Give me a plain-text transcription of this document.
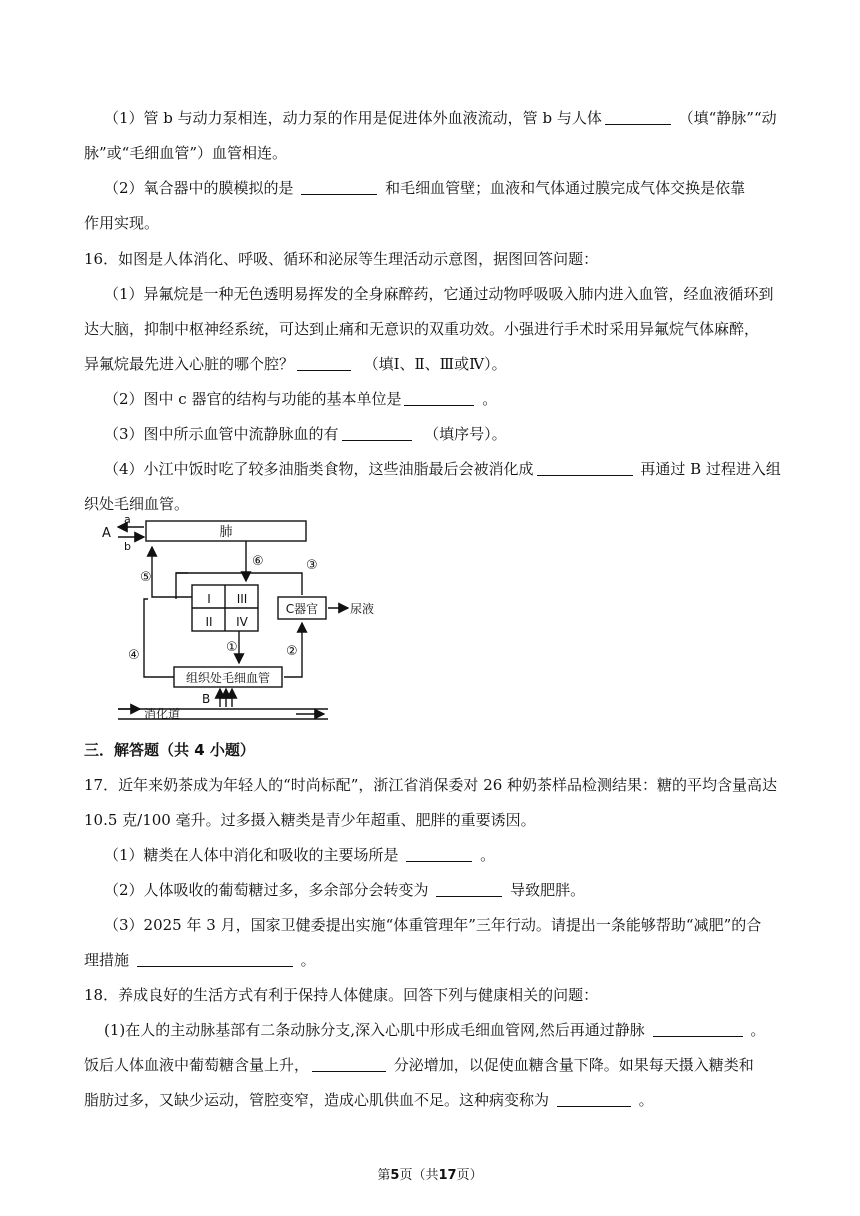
（1）管 b 与动力泵相连，动力泵的作用是促进体外血液流动，管 b 与人体	（填“静脉”“动
脉”或“毛细血管”）血管相连。
（2）氧合器中的膜模拟的是	和毛细血管壁；血液和气体通过膜完成气体交换是依靠
作用实现。
16．如图是人体消化、呼吸、循环和泌尿等生理活动示意图，据图回答问题：
（1）异氟烷是一种无色透明易挥发的全身麻醉药，它通过动物呼吸吸入肺内进入血管，经血液循环到
达大脑，抑制中枢神经系统，可达到止痛和无意识的双重功效。小强进行手术时采用异氟烷气体麻醉，
异氟烷最先进入心脏的哪个腔？	（填Ⅰ、Ⅱ、Ⅲ或Ⅳ）。
（2）图中 c 器官的结构与功能的基本单位是	。
（3）图中所示血管中流静脉血的有	（填序号）。
（4）小江中饭时吃了较多油脂类食物，这些油脂最后会被消化成	再通过 B 过程进入组
织处毛细血管。
肺
A
a
b
⑥
⑤
③
④
①	②
I
II
III
IV
C器官	尿液
组织处毛细血管
B
消化道
三．解答题（共 4 小题）
17．近年来奶茶成为年轻人的“时尚标配”，浙江省消保委对 26 种奶茶样品检测结果：糖的平均含量高达
10.5 克/100 毫升。过多摄入糖类是青少年超重、肥胖的重要诱因。
（1）糖类在人体中消化和吸收的主要场所是	。
（2）人体吸收的葡萄糖过多，多余部分会转变为	导致肥胖。
（3）2025 年 3 月，国家卫健委提出实施“体重管理年”三年行动。请提出一条能够帮助“减肥”的合
理措施	。
18．养成良好的生活方式有利于保持人体健康。回答下列与健康相关的问题：
(1)在人的主动脉基部有二条动脉分支,深入心肌中形成毛细血管网,然后再通过静脉	。
饭后人体血液中葡萄糖含量上升，	分泌增加，以促使血糖含量下降。如果每天摄入糖类和
脂肪过多，又缺少运动，管腔变窄，造成心肌供血不足。这种病变称为	。
第5页（共17页）
